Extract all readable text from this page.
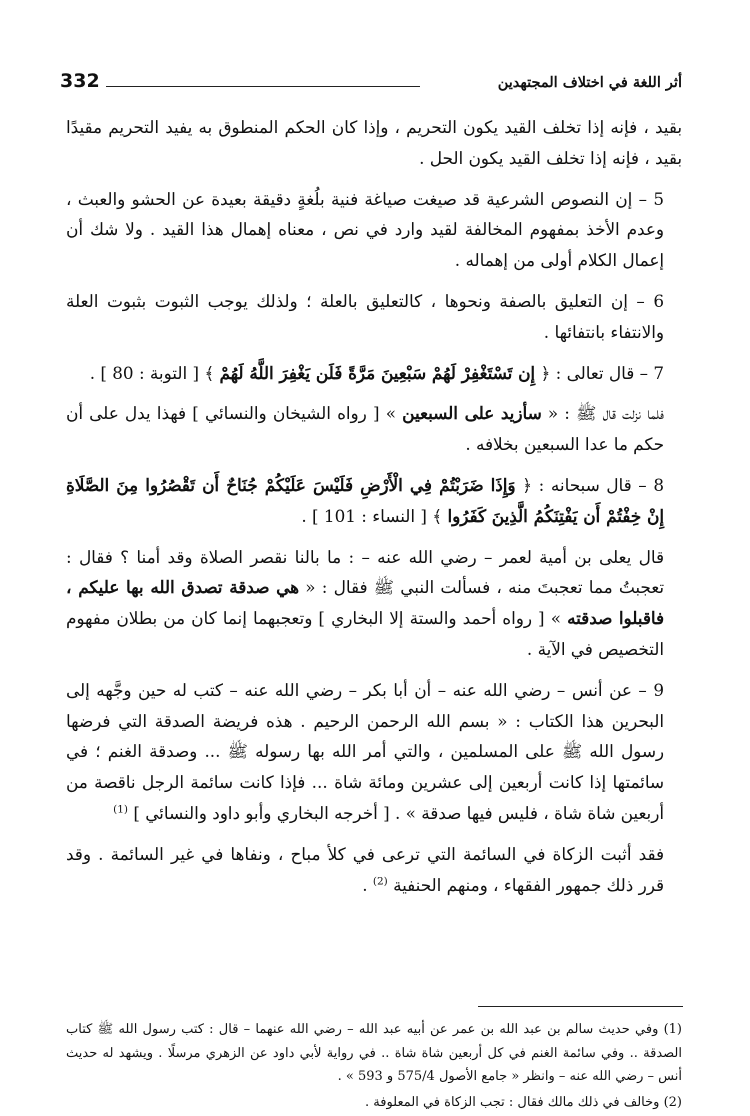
332	أثر اللغة في اختلاف المجتهدين

بقيد ، فإنه إذا تخلف القيد يكون التحريم ، وإذا كان الحكم المنطوق به يفيد التحريم مقيدًا بقيد ، فإنه إذا تخلف القيد يكون الحل .

5 – إن النصوص الشرعية قد صيغت صياغة فنية بلُغةٍ دقيقة بعيدة عن الحشو والعبث ، وعدم الأخذ بمفهوم المخالفة لقيد وارد في نص ، معناه إهمال هذا القيد . ولا شك أن إعمال الكلام أولى من إهماله .

6 – إن التعليق بالصفة ونحوها ، كالتعليق بالعلة ؛ ولذلك يوجب الثبوت بثبوت العلة والانتفاء بانتفائها .

7 – قال تعالى : ﴿ إِن تَسْتَغْفِرْ لَهُمْ سَبْعِينَ مَرَّةً فَلَن يَغْفِرَ اللَّهُ لَهُمْ ﴾ [ التوبة : 80 ] .

فلما نزلت قال ﷺ : « سأزيد على السبعين » [ رواه الشيخان والنسائي ] فهذا يدل على أن حكم ما عدا السبعين بخلافه .

8 – قال سبحانه : ﴿ وَإِذَا ضَرَبْتُمْ فِي الْأَرْضِ فَلَيْسَ عَلَيْكُمْ جُنَاحٌ أَن تَقْصُرُوا مِنَ الصَّلَاةِ إِنْ خِفْتُمْ أَن يَفْتِنَكُمُ الَّذِينَ كَفَرُوا ﴾ [ النساء : 101 ] .

قال يعلى بن أمية لعمر – رضي الله عنه – : ما بالنا نقصر الصلاة وقد أمنا ؟ فقال : تعجبتُ مما تعجبتَ منه ، فسألت النبي ﷺ فقال : « هي صدقة تصدق الله بها عليكم ، فاقبلوا صدقته » [ رواه أحمد والستة إلا البخاري ] وتعجبهما إنما كان من بطلان مفهوم التخصيص في الآية .

9 – عن أنس – رضي الله عنه – أن أبا بكر – رضي الله عنه – كتب له حين وجَّهه إلى البحرين هذا الكتاب : « بسم الله الرحمن الرحيم . هذه فريضة الصدقة التي فرضها رسول الله ﷺ على المسلمين ، والتي أمر الله بها رسوله ﷺ ... وصدقة الغنم ؛ في سائمتها إذا كانت أربعين إلى عشرين ومائة شاة ... فإذا كانت سائمة الرجل ناقصة من أربعين شاة شاة ، فليس فيها صدقة » . [ أخرجه البخاري وأبو داود والنسائي ] $^{(1)}$

فقد أثبت الزكاة في السائمة التي ترعى في كلأ مباح ، ونفاها في غير السائمة . وقد قرر ذلك جمهور الفقهاء ، ومنهم الحنفية $^{(2)}$ .

(1) وفي حديث سالم بن عبد الله بن عمر عن أبيه عبد الله – رضي الله عنهما – قال : كتب رسول الله ﷺ كتاب الصدقة .. وفي سائمة الغنم في كل أربعين شاة شاة .. في رواية لأبي داود عن الزهري مرسلًا . ويشهد له حديث أنس – رضي الله عنه – وانظر « جامع الأصول 575/4 و 593 » .

(2) وخالف في ذلك مالك فقال : تجب الزكاة في المعلوفة .
